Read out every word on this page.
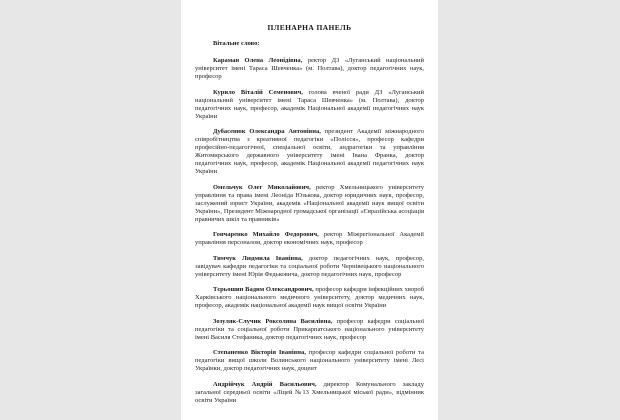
ПЛЕНАРНА ПАНЕЛЬ

Вітальне слово:

Караман Олена Леонідівна, ректор ДЗ «Луганський національний університет імені Тараса Шевченка» (м. Полтава), доктор педагогічних наук, професор

Курило Віталій Семенович, голова вченої ради ДЗ «Луганський національний університет імені Тараса Шевченка» (м. Полтава), доктор педагогічних наук, професор, академік Національної академії педагогічних наук України

Дубасенюк Олександра Антонівна, президент Академії міжнародного співробітництва з креативної педагогіки «Полісся», професор кафедри професійно-педагогічної, спеціальної освіти, андрагогіки та управління Житомирського державного університету імені Івана Франка, доктор педагогічних наук, професор, академік Національної академії педагогічних наук України

Омельчук Олег Миколайович, ректор Хмельницького університету управління та права імені Леоніда Юзькова, доктор юридичних наук, професор, заслужений юрист України, академік «Національної академії наук вищої освіти України», Президент Міжнародної громадської організації «Євразійська асоціація правничих шкіл та правників»

Гончаренко Михайло Федорович, ректор Міжрегіональної Академії управління персоналом, доктор економічних наук, професор

Тимчук Людмила Іванівна, доктор педагогічних наук, професор, завідувач кафедри педагогіки та соціальної роботи Чернівецького національного університету імені Юрія Федьковича, доктор педагогічних наук, професор

Тєрьошин Вадим Олександрович, професор кафедри інфекційних хвороб Харківського національного медичного університету, доктор медичних наук, професор, академік національної академії наук вищої освіти України

Зозуляк-Случик Роксоляна Василівна, професор кафедри соціальної педагогіки та соціальної роботи Прикарпатського національного університету імені Василя Стефаника, доктор педагогічних наук, професор

Степаненко Вікторія Іванівна, професор кафедри соціальної роботи та педагогіки вищої школи Волинського національного університету імені Лесі Українки, доктор педагогічних наук, доцент

Андрійчук Андрій Васильович, директор Комунального закладу загальної середньої освіти «Ліцей №13 Хмельницької міської ради», відмінник освіти України
